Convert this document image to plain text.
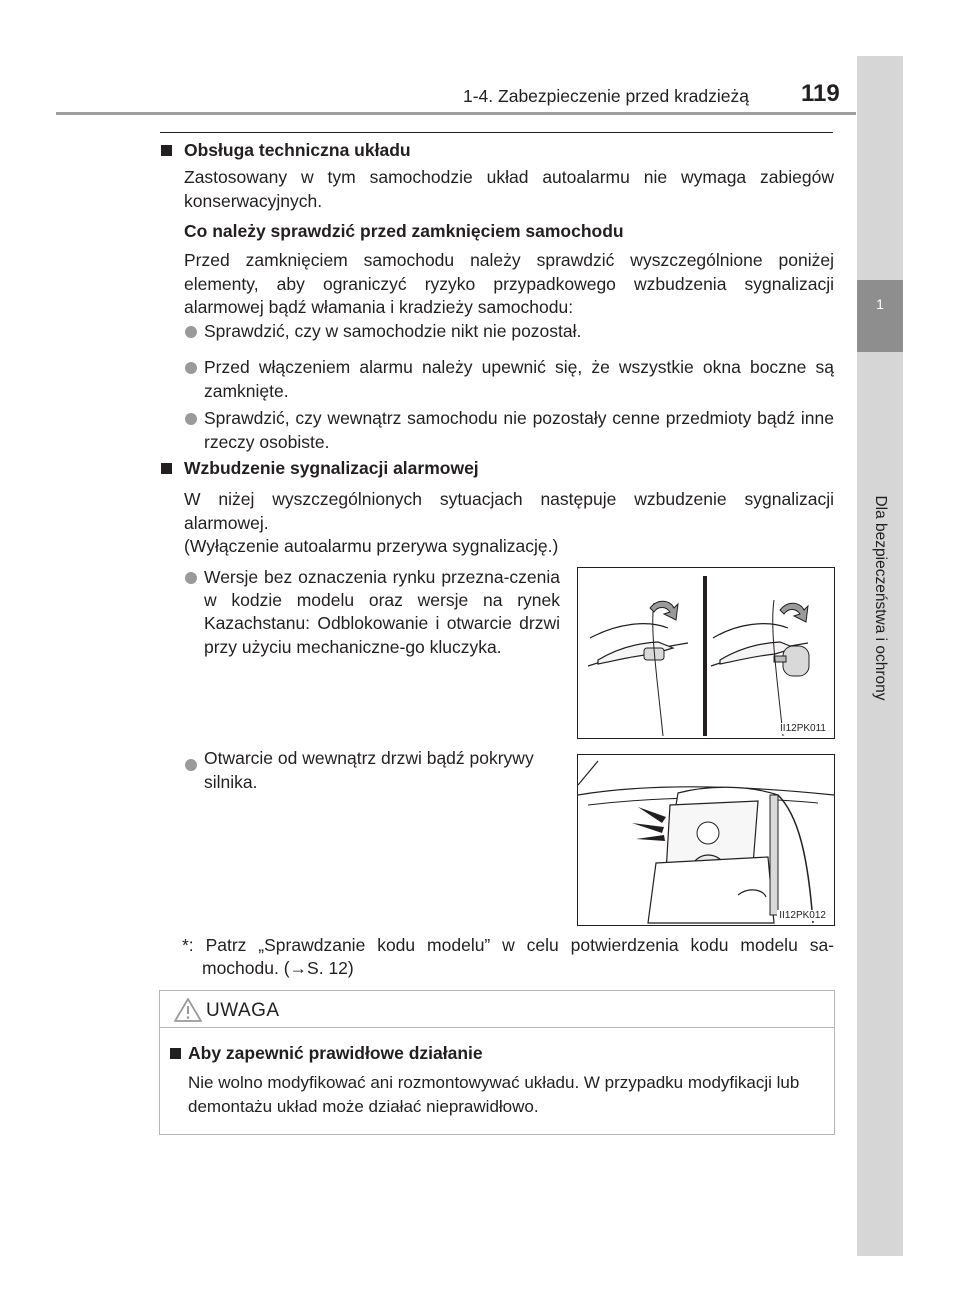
1-4. Zabezpieczenie przed kradzieżą 119
1
Dla bezpieczeństwa i ochrony
Obsługa techniczna układu
Zastosowany w tym samochodzie układ autoalarmu nie wymaga zabiegów konserwacyjnych.
Co należy sprawdzić przed zamknięciem samochodu
Przed zamknięciem samochodu należy sprawdzić wyszczególnione poniżej elementy, aby ograniczyć ryzyko przypadkowego wzbudzenia sygnalizacji alarmowej bądź włamania i kradzieży samochodu:
Sprawdzić, czy w samochodzie nikt nie pozostał.
Przed włączeniem alarmu należy upewnić się, że wszystkie okna boczne są zamknięte.
Sprawdzić, czy wewnątrz samochodu nie pozostały cenne przedmioty bądź inne rzeczy osobiste.
Wzbudzenie sygnalizacji alarmowej
W niżej wyszczególnionych sytuacjach następuje wzbudzenie sygnalizacji alarmowej.
(Wyłączenie autoalarmu przerywa sygnalizację.)
Wersje bez oznaczenia rynku przezna-czenia w kodzie modelu oraz wersje na rynek Kazachstanu: Odblokowanie i otwarcie drzwi przy użyciu mechaniczne-go kluczyka.
II12PK011
Otwarcie od wewnątrz drzwi bądź pokrywy silnika.
II12PK012
*: Patrz „Sprawdzanie kodu modelu” w celu potwierdzenia kodu modelu sa-
mochodu. (→S. 12)
UWAGA
Aby zapewnić prawidłowe działanie
Nie wolno modyfikować ani rozmontowywać układu. W przypadku modyfikacji lub demontażu układ może działać nieprawidłowo.
